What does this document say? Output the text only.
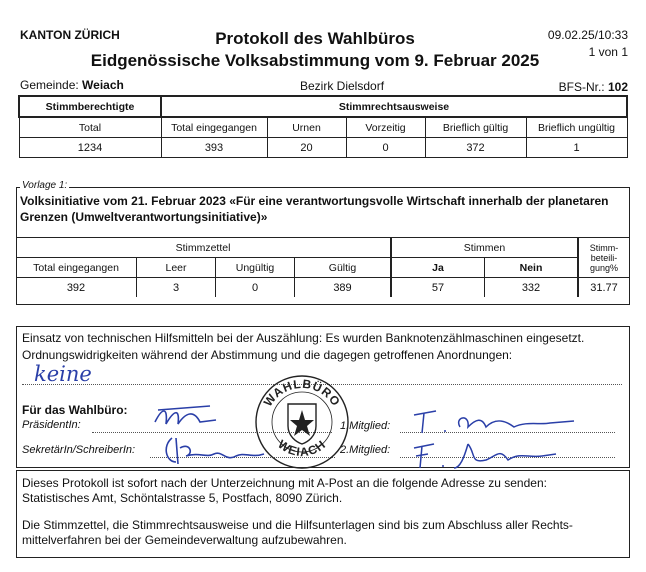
KANTON ZÜRICH	Protokoll des Wahlbüros
Eidgenössische Volksabstimmung vom 9. Februar 2025
09.02.25/10:33
1 von 1
Gemeinde: Weiach	Bezirk Dielsdorf	BFS-Nr.: 102
Stimmberechtigte	Stimmrechtsausweise				
Total	Total eingegangen	Urnen	Vorzeitig	Brieflich gültig	Brieflich ungültig
1234	393	20	0	372	1
Vorlage 1:
Volksinitiative vom 21. Februar 2023 «Für eine verantwortungsvolle Wirtschaft innerhalb der planetaren Grenzen (Umweltverantwortungsinitiative)»
Stimmzettel				Stimmen		Stimm-beteili-gung%
Total eingegangen	Leer	Ungültig	Gültig	Ja	Nein	
392	3	0	389	57	332	31.77
Einsatz von technischen Hilfsmitteln bei der Auszählung: Es wurden Banknotenzählmaschinen eingesetzt.
Ordnungswidrigkeiten während der Abstimmung und die dagegen getroffenen Anordnungen:
keine
Für das Wahlbüro:
PräsidentIn:
SekretärIn/SchreiberIn:
1.Mitglied:
2.Mitglied:
WAHLBÜRO
WEIACH
Dieses Protokoll ist sofort nach der Unterzeichnung mit A-Post an die folgende Adresse zu senden:
Statistisches Amt, Schöntalstrasse 5, Postfach, 8090 Zürich.
Die Stimmzettel, die Stimmrechtsausweise und die Hilfsunterlagen sind bis zum Abschluss aller Rechts-
mittelverfahren bei der Gemeindeverwaltung aufzubewahren.
